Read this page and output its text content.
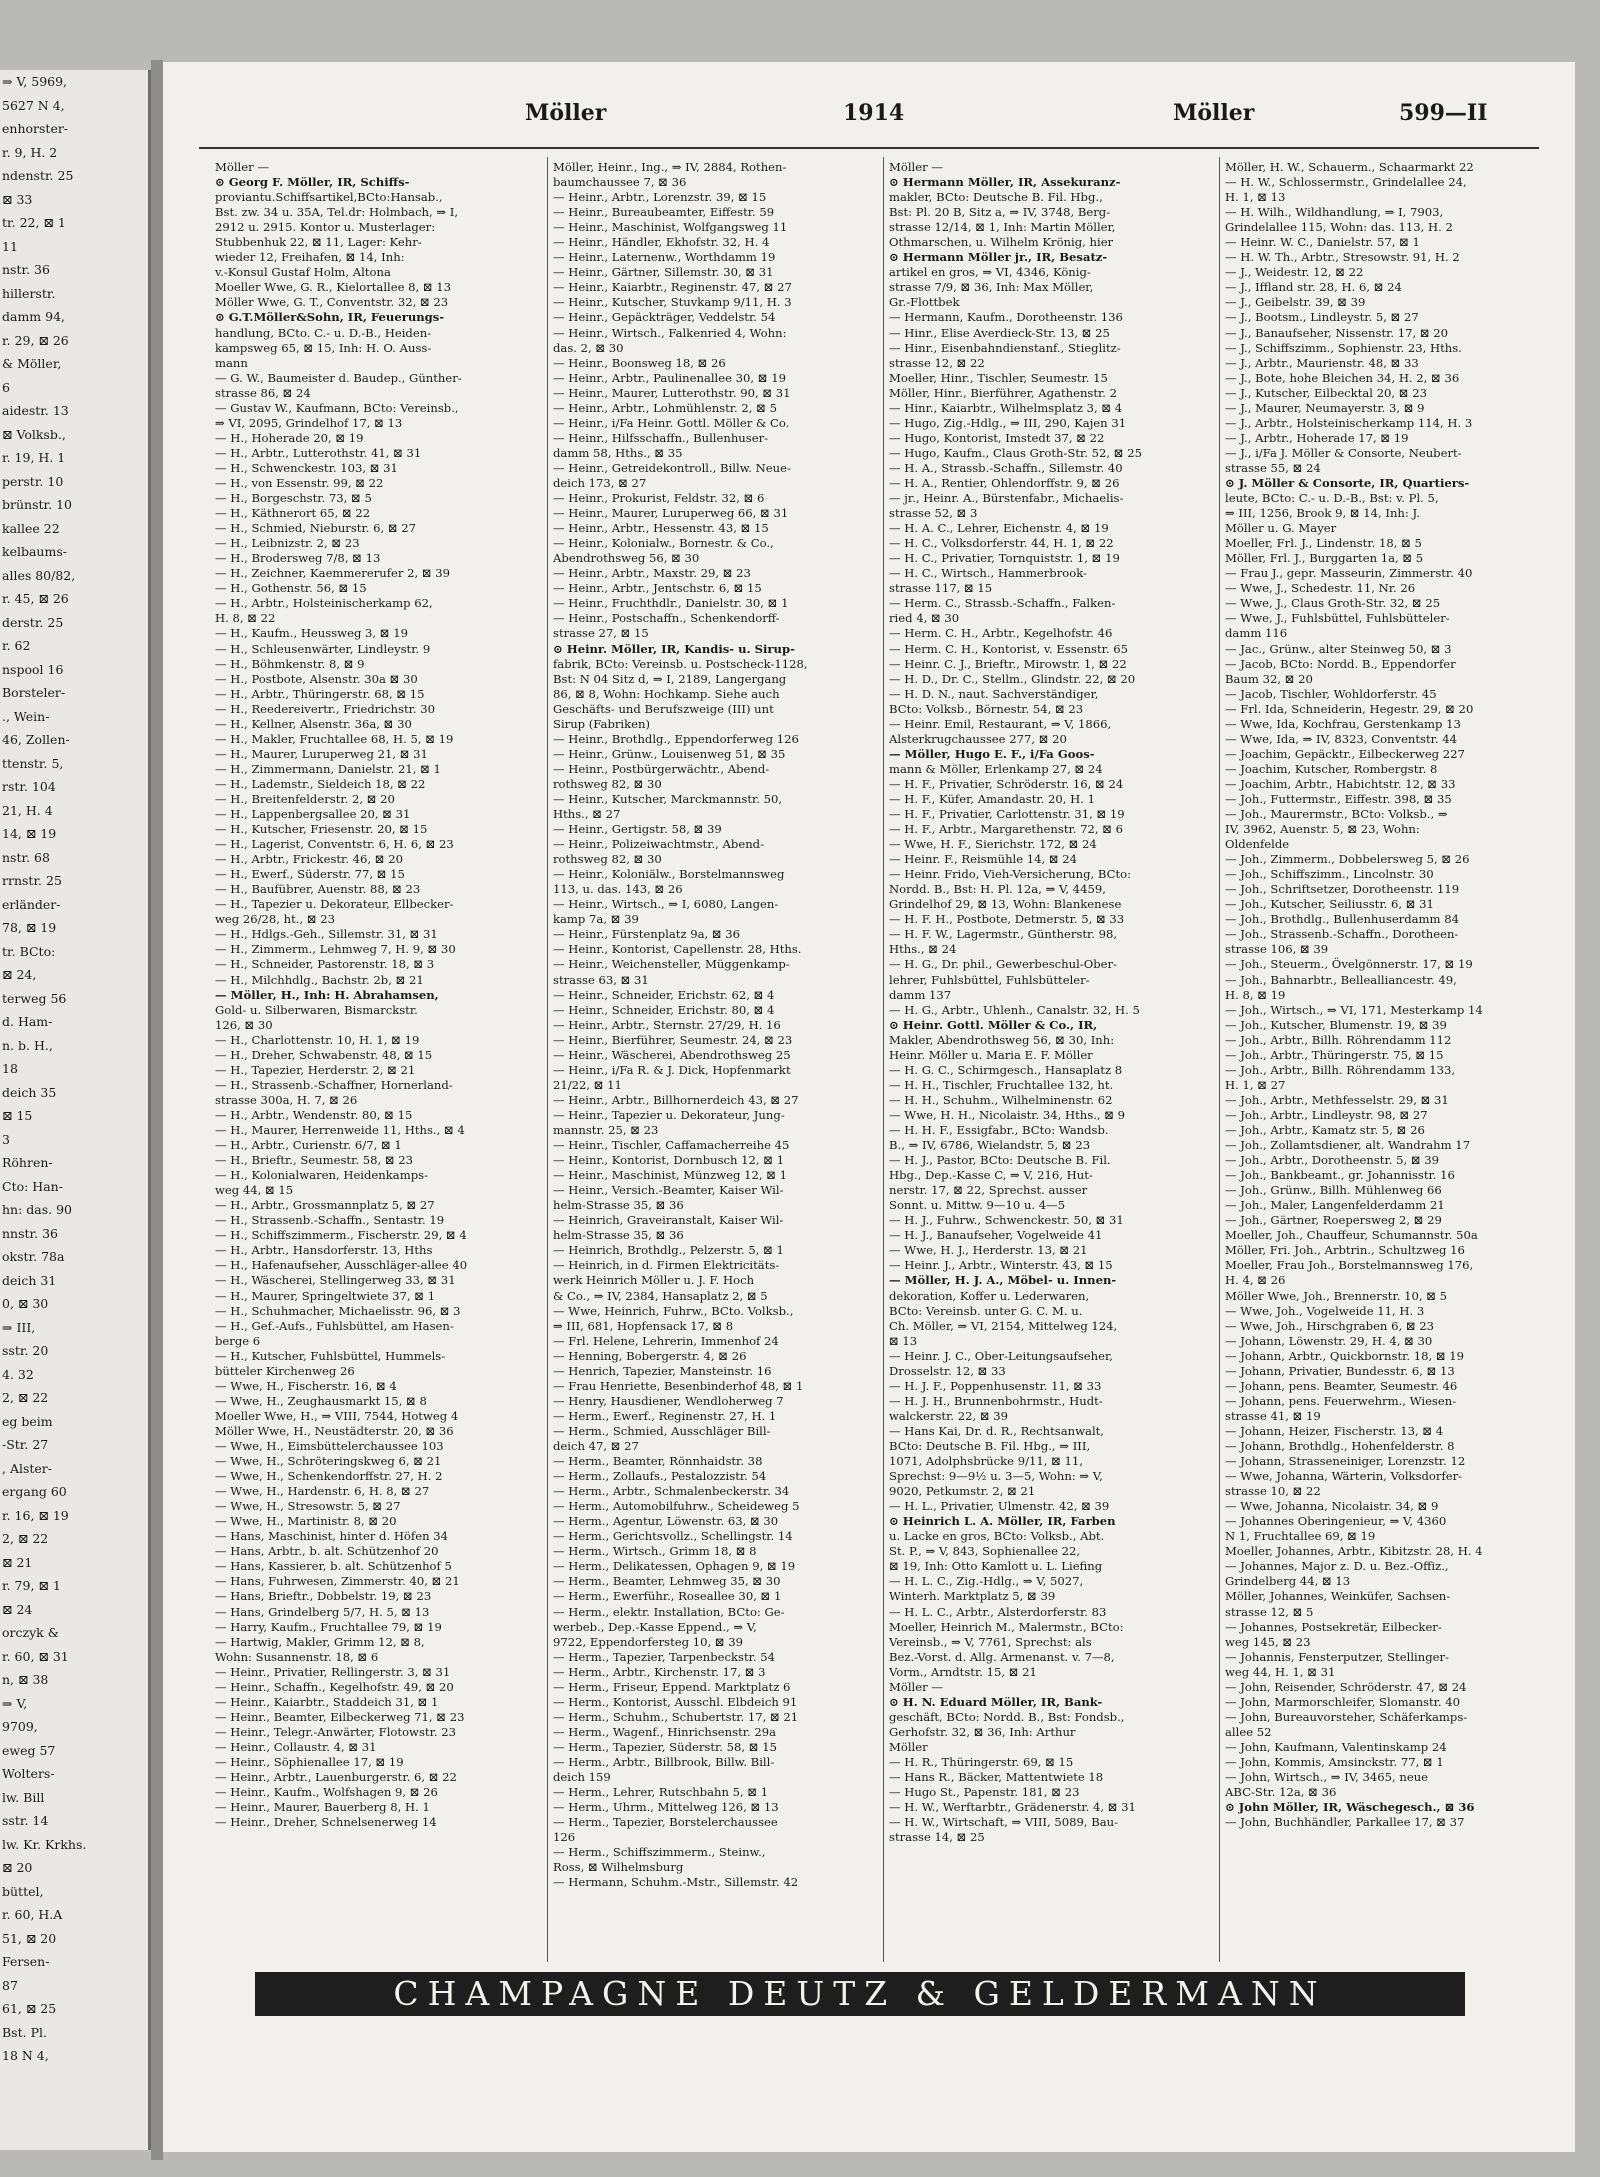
⇒ V, 5969,
5627 N 4,
enhorster-
r. 9, H. 2
ndenstr. 25
⊠ 33
tr. 22, ⊠ 1
11
nstr. 36
hillerstr.
damm 94,
r. 29, ⊠ 26
& Möller,
6
aidestr. 13
⊠ Volksb.,
r. 19, H. 1
perstr. 10
brünstr. 10
kallee 22
kelbaums-
alles 80/82,
r. 45, ⊠ 26
derstr. 25
r. 62
nspool 16
Borsteler-
., Wein-
46, Zollen-
ttenstr. 5,
rstr. 104
21, H. 4
14, ⊠ 19
nstr. 68
rrnstr. 25
erländer-
78, ⊠ 19
tr. BCto:
⊠ 24,
terweg 56
d. Ham-
n. b. H.,
18
deich 35
⊠ 15
3
Röhren-
Cto: Han-
hn: das. 90
nnstr. 36
okstr. 78a
deich 31
0, ⊠ 30
⇒ III,
sstr. 20
4. 32
2, ⊠ 22
eg beim
-Str. 27
, Alster-
ergang 60
r. 16, ⊠ 19
2, ⊠ 22
⊠ 21
r. 79, ⊠ 1
⊠ 24
orczyk &
r. 60, ⊠ 31
n, ⊠ 38
⇒ V,
9709,
eweg 57
Wolters-
lw. Bill
sstr. 14
lw. Kr. Krkhs.
⊠ 20
büttel,
r. 60, H.A
51, ⊠ 20
Fersen-
87
61, ⊠ 25
Bst. Pl.
18 N 4,
Möller	1914	Möller	599—II
Möller —
⊙ Georg F. Möller, IR, Schiffs-
proviantu.Schiffsartikel,BCto:Hansab.,
Bst. zw. 34 u. 35A, Tel.dr: Holmbach, ⇒ I,
2912 u. 2915. Kontor u. Musterlager:
Stubbenhuk 22, ⊠ 11, Lager: Kehr-
wieder 12, Freihafen, ⊠ 14, Inh:
v.-Konsul Gustaf Holm, Altona
Moeller Wwe, G. R., Kielortallee 8, ⊠ 13
Möller Wwe, G. T., Conventstr. 32, ⊠ 23
⊙ G.T.Möller&Sohn, IR, Feuerungs-
handlung, BCto. C.- u. D.-B., Heiden-
kampsweg 65, ⊠ 15, Inh: H. O. Auss-
mann
— G. W., Baumeister d. Baudep., Günther-
strasse 86, ⊠ 24
— Gustav W., Kaufmann, BCto: Vereinsb.,
⇒ VI, 2095, Grindelhof 17, ⊠ 13
— H., Hoherade 20, ⊠ 19
— H., Arbtr., Lutterothstr. 41, ⊠ 31
— H., Schwenckestr. 103, ⊠ 31
— H., von Essenstr. 99, ⊠ 22
— H., Borgeschstr. 73, ⊠ 5
— H., Käthnerort 65, ⊠ 22
— H., Schmied, Nieburstr. 6, ⊠ 27
— H., Leibnizstr. 2, ⊠ 23
— H., Brodersweg 7/8, ⊠ 13
— H., Zeichner, Kaemmererufer 2, ⊠ 39
— H., Gothenstr. 56, ⊠ 15
— H., Arbtr., Holsteinischerkamp 62,
H. 8, ⊠ 22
— H., Kaufm., Heussweg 3, ⊠ 19
— H., Schleusenwärter, Lindleystr. 9
— H., Böhmkenstr. 8, ⊠ 9
— H., Postbote, Alsenstr. 30a ⊠ 30
— H., Arbtr., Thüringerstr. 68, ⊠ 15
— H., Reedereivertr., Friedrichstr. 30
— H., Kellner, Alsenstr. 36a, ⊠ 30
— H., Makler, Fruchtallee 68, H. 5, ⊠ 19
— H., Maurer, Luruperweg 21, ⊠ 31
— H., Zimmermann, Danielstr. 21, ⊠ 1
— H., Lademstr., Sieldeich 18, ⊠ 22
— H., Breitenfelderstr. 2, ⊠ 20
— H., Lappenbergsallee 20, ⊠ 31
— H., Kutscher, Friesenstr. 20, ⊠ 15
— H., Lagerist, Conventstr. 6, H. 6, ⊠ 23
— H., Arbtr., Frickestr. 46, ⊠ 20
— H., Ewerf., Süderstr. 77, ⊠ 15
— H., Baufübrer, Auenstr. 88, ⊠ 23
— H., Tapezier u. Dekorateur, Ellbecker-
weg 26/28, ht., ⊠ 23
— H., Hdlgs.-Geh., Sillemstr. 31, ⊠ 31
— H., Zimmerm., Lehmweg 7, H. 9, ⊠ 30
— H., Schneider, Pastorenstr. 18, ⊠ 3
— H., Milchhdlg., Bachstr. 2b, ⊠ 21
— Möller, H., Inh: H. Abrahamsen,
Gold- u. Silberwaren, Bismarckstr.
126, ⊠ 30
— H., Charlottenstr. 10, H. 1, ⊠ 19
— H., Dreher, Schwabenstr. 48, ⊠ 15
— H., Tapezier, Herderstr. 2, ⊠ 21
— H., Strassenb.-Schaffner, Hornerland-
strasse 300a, H. 7, ⊠ 26
— H., Arbtr., Wendenstr. 80, ⊠ 15
— H., Maurer, Herrenweide 11, Hths., ⊠ 4
— H., Arbtr., Curienstr. 6/7, ⊠ 1
— H., Brieftr., Seumestr. 58, ⊠ 23
— H., Kolonialwaren, Heidenkamps-
weg 44, ⊠ 15
— H., Arbtr., Grossmannplatz 5, ⊠ 27
— H., Strassenb.-Schaffn., Sentastr. 19
— H., Schiffszimmerm., Fischerstr. 29, ⊠ 4
— H., Arbtr., Hansdorferstr. 13, Hths
— H., Hafenaufseher, Ausschläger-allee 40
— H., Wäscherei, Stellingerweg 33, ⊠ 31
— H., Maurer, Springeltwiete 37, ⊠ 1
— H., Schuhmacher, Michaelisstr. 96, ⊠ 3
— H., Gef.-Aufs., Fuhlsbüttel, am Hasen-
berge 6
— H., Kutscher, Fuhlsbüttel, Hummels-
bütteler Kirchenweg 26
— Wwe, H., Fischerstr. 16, ⊠ 4
— Wwe, H., Zeughausmarkt 15, ⊠ 8
Moeller Wwe, H., ⇒ VIII, 7544, Hotweg 4
Möller Wwe, H., Neustädterstr. 20, ⊠ 36
— Wwe, H., Eimsbüttelerchaussee 103
— Wwe, H., Schröteringskweg 6, ⊠ 21
— Wwe, H., Schenkendorffstr. 27, H. 2
— Wwe, H., Hardenstr. 6, H. 8, ⊠ 27
— Wwe, H., Stresowstr. 5, ⊠ 27
— Wwe, H., Martinistr. 8, ⊠ 20
— Hans, Maschinist, hinter d. Höfen 34
— Hans, Arbtr., b. alt. Schützenhof 20
— Hans, Kassierer, b. alt. Schützenhof 5
— Hans, Fuhrwesen, Zimmerstr. 40, ⊠ 21
— Hans, Brieftr., Dobbelstr. 19, ⊠ 23
— Hans, Grindelberg 5/7, H. 5, ⊠ 13
— Harry, Kaufm., Fruchtallee 79, ⊠ 19
— Hartwig, Makler, Grimm 12, ⊠ 8,
Wohn: Susannenstr. 18, ⊠ 6
— Heinr., Privatier, Rellingerstr. 3, ⊠ 31
— Heinr., Schaffn., Kegelhofstr. 49, ⊠ 20
— Heinr., Kaiarbtr., Staddeich 31, ⊠ 1
— Heinr., Beamter, Eilbeckerweg 71, ⊠ 23
— Heinr., Telegr.-Anwärter, Flotowstr. 23
— Heinr., Collaustr. 4, ⊠ 31
— Heinr., Söphienallee 17, ⊠ 19
— Heinr., Arbtr., Lauenburgerstr. 6, ⊠ 22
— Heinr., Kaufm., Wolfshagen 9, ⊠ 26
— Heinr., Maurer, Bauerberg 8, H. 1
— Heinr., Dreher, Schnelsenerweg 14
Möller, Heinr., Ing., ⇒ IV, 2884, Rothen-
baumchaussee 7, ⊠ 36
— Heinr., Arbtr., Lorenzstr. 39, ⊠ 15
— Heinr., Bureaubeamter, Eiffestr. 59
— Heinr., Maschinist, Wolfgangsweg 11
— Heinr., Händler, Ekhofstr. 32, H. 4
— Heinr., Laternenw., Worthdamm 19
— Heinr., Gärtner, Sillemstr. 30, ⊠ 31
— Heinr., Kaiarbtr., Reginenstr. 47, ⊠ 27
— Heinr., Kutscher, Stuvkamp 9/11, H. 3
— Heinr., Gepäckträger, Veddelstr. 54
— Heinr., Wirtsch., Falkenried 4, Wohn:
das. 2, ⊠ 30
— Heinr., Boonsweg 18, ⊠ 26
— Heinr., Arbtr., Paulinenallee 30, ⊠ 19
— Heinr., Maurer, Lutterothstr. 90, ⊠ 31
— Heinr., Arbtr., Lohmühlenstr. 2, ⊠ 5
— Heinr., i/Fa Heinr. Gottl. Möller & Co.
— Heinr., Hilfsschaffn., Bullenhuser-
damm 58, Hths., ⊠ 35
— Heinr., Getreidekontroll., Billw. Neue-
deich 173, ⊠ 27
— Heinr., Prokurist, Feldstr. 32, ⊠ 6
— Heinr., Maurer, Luruperweg 66, ⊠ 31
— Heinr., Arbtr., Hessenstr. 43, ⊠ 15
— Heinr., Kolonialw., Bornestr. & Co.,
Abendrothsweg 56, ⊠ 30
— Heinr., Arbtr., Maxstr. 29, ⊠ 23
— Heinr., Arbtr., Jentschstr. 6, ⊠ 15
— Heinr., Fruchthdlr., Danielstr. 30, ⊠ 1
— Heinr., Postschaffn., Schenkendorff-
strasse 27, ⊠ 15
⊙ Heinr. Möller, IR, Kandis- u. Sirup-
fabrik, BCto: Vereinsb. u. Postscheck-1128,
Bst: N 04 Sitz d, ⇒ I, 2189, Langergang
86, ⊠ 8, Wohn: Hochkamp. Siehe auch
Geschäfts- und Berufszweige (III) unt
Sirup (Fabriken)
— Heinr., Brothdlg., Eppendorferweg 126
— Heinr., Grünw., Louisenweg 51, ⊠ 35
— Heinr., Postbürgerwächtr., Abend-
rothsweg 82, ⊠ 30
— Heinr., Kutscher, Marckmannstr. 50,
Hths., ⊠ 27
— Heinr., Gertigstr. 58, ⊠ 39
— Heinr., Polizeiwachtmstr., Abend-
rothsweg 82, ⊠ 30
— Heinr., Koloniälw., Borstelmannsweg
113, u. das. 143, ⊠ 26
— Heinr., Wirtsch., ⇒ I, 6080, Langen-
kamp 7a, ⊠ 39
— Heinr., Fürstenplatz 9a, ⊠ 36
— Heinr., Kontorist, Capellenstr. 28, Hths.
— Heinr., Weichensteller, Müggenkamp-
strasse 63, ⊠ 31
— Heinr., Schneider, Erichstr. 62, ⊠ 4
— Heinr., Schneider, Erichstr. 80, ⊠ 4
— Heinr., Arbtr., Sternstr. 27/29, H. 16
— Heinr., Bierführer, Seumestr. 24, ⊠ 23
— Heinr., Wäscherei, Abendrothsweg 25
— Heinr., i/Fa R. & J. Dick, Hopfenmarkt
21/22, ⊠ 11
— Heinr., Arbtr., Billhornerdeich 43, ⊠ 27
— Heinr., Tapezier u. Dekorateur, Jung-
mannstr. 25, ⊠ 23
— Heinr., Tischler, Caffamacherreihe 45
— Heinr., Kontorist, Dornbusch 12, ⊠ 1
— Heinr., Maschinist, Münzweg 12, ⊠ 1
— Heinr., Versich.-Beamter, Kaiser Wil-
helm-Strasse 35, ⊠ 36
— Heinrich, Graveiranstalt, Kaiser Wil-
helm-Strasse 35, ⊠ 36
— Heinrich, Brothdlg., Pelzerstr. 5, ⊠ 1
— Heinrich, in d. Firmen Elektricitäts-
werk Heinrich Möller u. J. F. Hoch
& Co., ⇒ IV, 2384, Hansaplatz 2, ⊠ 5
— Wwe, Heinrich, Fuhrw., BCto. Volksb.,
⇒ III, 681, Hopfensack 17, ⊠ 8
— Frl. Helene, Lehrerin, Immenhof 24
— Henning, Bobergerstr. 4, ⊠ 26
— Henrich, Tapezier, Mansteinstr. 16
— Frau Henriette, Besenbinderhof 48, ⊠ 1
— Henry, Hausdiener, Wendloherweg 7
— Herm., Ewerf., Reginenstr. 27, H. 1
— Herm., Schmied, Ausschläger Bill-
deich 47, ⊠ 27
— Herm., Beamter, Rönnhaidstr. 38
— Herm., Zollaufs., Pestalozzistr. 54
— Herm., Arbtr., Schmalenbeckerstr. 34
— Herm., Automobilfuhrw., Scheideweg 5
— Herm., Agentur, Löwenstr. 63, ⊠ 30
— Herm., Gerichtsvollz., Schellingstr. 14
— Herm., Wirtsch., Grimm 18, ⊠ 8
— Herm., Delikatessen, Ophagen 9, ⊠ 19
— Herm., Beamter, Lehmweg 35, ⊠ 30
— Herm., Ewerführ., Roseallee 30, ⊠ 1
— Herm., elektr. Installation, BCto: Ge-
werbeb., Dep.-Kasse Eppend., ⇒ V,
9722, Eppendorfersteg 10, ⊠ 39
— Herm., Tapezier, Tarpenbeckstr. 54
— Herm., Arbtr., Kirchenstr. 17, ⊠ 3
— Herm., Friseur, Eppend. Marktplatz 6
— Herm., Kontorist, Ausschl. Elbdeich 91
— Herm., Schuhm., Schubertstr. 17, ⊠ 21
— Herm., Wagenf., Hinrichsenstr. 29a
— Herm., Tapezier, Süderstr. 58, ⊠ 15
— Herm., Arbtr., Billbrook, Billw. Bill-
deich 159
— Herm., Lehrer, Rutschbahn 5, ⊠ 1
— Herm., Uhrm., Mittelweg 126, ⊠ 13
— Herm., Tapezier, Borstelerchaussee
126
— Herm., Schiffszimmerm., Steinw.,
Ross, ⊠ Wilhelmsburg
— Hermann, Schuhm.-Mstr., Sillemstr. 42
Möller —
⊙ Hermann Möller, IR, Assekuranz-
makler, BCto: Deutsche B. Fil. Hbg.,
Bst: Pl. 20 B, Sitz a, ⇒ IV, 3748, Berg-
strasse 12/14, ⊠ 1, Inh: Martin Möller,
Othmarschen, u. Wilhelm Krönig, hier
⊙ Hermann Möller jr., IR, Besatz-
artikel en gros, ⇒ VI, 4346, König-
strasse 7/9, ⊠ 36, Inh: Max Möller,
Gr.-Flottbek
— Hermann, Kaufm., Dorotheenstr. 136
— Hinr., Elise Averdieck-Str. 13, ⊠ 25
— Hinr., Eisenbahndienstanf., Stieglitz-
strasse 12, ⊠ 22
Moeller, Hinr., Tischler, Seumestr. 15
Möller, Hinr., Bierführer, Agathenstr. 2
— Hinr., Kaiarbtr., Wilhelmsplatz 3, ⊠ 4
— Hugo, Zig.-Hdlg., ⇒ III, 290, Kajen 31
— Hugo, Kontorist, Imstedt 37, ⊠ 22
— Hugo, Kaufm., Claus Groth-Str. 52, ⊠ 25
— H. A., Strassb.-Schaffn., Sillemstr. 40
— H. A., Rentier, Ohlendorffstr. 9, ⊠ 26
— jr., Heinr. A., Bürstenfabr., Michaelis-
strasse 52, ⊠ 3
— H. A. C., Lehrer, Eichenstr. 4, ⊠ 19
— H. C., Volksdorferstr. 44, H. 1, ⊠ 22
— H. C., Privatier, Tornquiststr. 1, ⊠ 19
— H. C., Wirtsch., Hammerbrook-
strasse 117, ⊠ 15
— Herm. C., Strassb.-Schaffn., Falken-
ried 4, ⊠ 30
— Herm. C. H., Arbtr., Kegelhofstr. 46
— Herm. C. H., Kontorist, v. Essenstr. 65
— Heinr. C. J., Brieftr., Mirowstr. 1, ⊠ 22
— H. D., Dr. C., Stellm., Glindstr. 22, ⊠ 20
— H. D. N., naut. Sachverständiger,
BCto: Volksb., Börnestr. 54, ⊠ 23
— Heinr. Emil, Restaurant, ⇒ V, 1866,
Alsterkrugchaussee 277, ⊠ 20
— Möller, Hugo E. F., i/Fa Goos-
mann & Möller, Erlenkamp 27, ⊠ 24
— H. F., Privatier, Schröderstr. 16, ⊠ 24
— H. F., Küfer, Amandastr. 20, H. 1
— H. F., Privatier, Carlottenstr. 31, ⊠ 19
— H. F., Arbtr., Margarethenstr. 72, ⊠ 6
— Wwe, H. F., Sierichstr. 172, ⊠ 24
— Heinr. F., Reismühle 14, ⊠ 24
— Heinr. Frido, Vieh-Versicherung, BCto:
Nordd. B., Bst: H. Pl. 12a, ⇒ V, 4459,
Grindelhof 29, ⊠ 13, Wohn: Blankenese
— H. F. H., Postbote, Detmerstr. 5, ⊠ 33
— H. F. W., Lagermstr., Güntherstr. 98,
Hths., ⊠ 24
— H. G., Dr. phil., Gewerbeschul-Ober-
lehrer, Fuhlsbüttel, Fuhlsbütteler-
damm 137
— H. G., Arbtr., Uhlenh., Canalstr. 32, H. 5
⊙ Heinr. Gottl. Möller & Co., IR,
Makler, Abendrothsweg 56, ⊠ 30, Inh:
Heinr. Möller u. Maria E. F. Möller
— H. G. C., Schirmgesch., Hansaplatz 8
— H. H., Tischler, Fruchtallee 132, ht.
— H. H., Schuhm., Wilhelminenstr. 62
— Wwe, H. H., Nicolaistr. 34, Hths., ⊠ 9
— H. H. F., Essigfabr., BCto: Wandsb.
B., ⇒ IV, 6786, Wielandstr. 5, ⊠ 23
— H. J., Pastor, BCto: Deutsche B. Fil.
Hbg., Dep.-Kasse C, ⇒ V, 216, Hut-
nerstr. 17, ⊠ 22, Sprechst. ausser
Sonnt. u. Mittw. 9—10 u. 4—5
— H. J., Fuhrw., Schwenckestr. 50, ⊠ 31
— H. J., Banaufseher, Vogelweide 41
— Wwe, H. J., Herderstr. 13, ⊠ 21
— Heinr. J., Arbtr., Winterstr. 43, ⊠ 15
— Möller, H. J. A., Möbel- u. Innen-
dekoration, Koffer u. Lederwaren,
BCto: Vereinsb. unter G. C. M. u.
Ch. Möller, ⇒ VI, 2154, Mittelweg 124,
⊠ 13
— Heinr. J. C., Ober-Leitungsaufseher,
Drosselstr. 12, ⊠ 33
— H. J. F., Poppenhusenstr. 11, ⊠ 33
— H. J. H., Brunnenbohrmstr., Hudt-
walckerstr. 22, ⊠ 39
— Hans Kai, Dr. d. R., Rechtsanwalt,
BCto: Deutsche B. Fil. Hbg., ⇒ III,
1071, Adolphsbrücke 9/11, ⊠ 11,
Sprechst: 9—9½ u. 3—5, Wohn: ⇒ V,
9020, Petkumstr. 2, ⊠ 21
— H. L., Privatier, Ulmenstr. 42, ⊠ 39
⊙ Heinrich L. A. Möller, IR, Farben
u. Lacke en gros, BCto: Volksb., Abt.
St. P., ⇒ V, 843, Sophienallee 22,
⊠ 19, Inh: Otto Kamlott u. L. Liefing
— H. L. C., Zig.-Hdlg., ⇒ V, 5027,
Winterh. Marktplatz 5, ⊠ 39
— H. L. C., Arbtr., Alsterdorferstr. 83
Moeller, Heinrich M., Malermstr., BCto:
Vereinsb., ⇒ V, 7761, Sprechst: als
Bez.-Vorst. d. Allg. Armenanst. v. 7—8,
Vorm., Arndtstr. 15, ⊠ 21
Möller —
⊙ H. N. Eduard Möller, IR, Bank-
geschäft, BCto: Nordd. B., Bst: Fondsb.,
Gerhofstr. 32, ⊠ 36, Inh: Arthur
Möller
— H. R., Thüringerstr. 69, ⊠ 15
— Hans R., Bäcker, Mattentwiete 18
— Hugo St., Papenstr. 181, ⊠ 23
— H. W., Werftarbtr., Grädenerstr. 4, ⊠ 31
— H. W., Wirtschaft, ⇒ VIII, 5089, Bau-
strasse 14, ⊠ 25
Möller, H. W., Schauerm., Schaarmarkt 22
— H. W., Schlossermstr., Grindelallee 24,
H. 1, ⊠ 13
— H. Wilh., Wildhandlung, ⇒ I, 7903,
Grindelallee 115, Wohn: das. 113, H. 2
— Heinr. W. C., Danielstr. 57, ⊠ 1
— H. W. Th., Arbtr., Stresowstr. 91, H. 2
— J., Weidestr. 12, ⊠ 22
— J., Iffland str. 28, H. 6, ⊠ 24
— J., Geibelstr. 39, ⊠ 39
— J., Bootsm., Lindleystr. 5, ⊠ 27
— J., Banaufseher, Nissenstr. 17, ⊠ 20
— J., Schiffszimm., Sophienstr. 23, Hths.
— J., Arbtr., Maurienstr. 48, ⊠ 33
— J., Bote, hohe Bleichen 34, H. 2, ⊠ 36
— J., Kutscher, Eilbecktal 20, ⊠ 23
— J., Maurer, Neumayerstr. 3, ⊠ 9
— J., Arbtr., Holsteinischerkamp 114, H. 3
— J., Arbtr., Hoherade 17, ⊠ 19
— J., i/Fa J. Möller & Consorte, Neubert-
strasse 55, ⊠ 24
⊙ J. Möller & Consorte, IR, Quartiers-
leute, BCto: C.- u. D.-B., Bst: v. Pl. 5,
⇒ III, 1256, Brook 9, ⊠ 14, Inh: J.
Möller u. G. Mayer
Moeller, Frl. J., Lindenstr. 18, ⊠ 5
Möller, Frl. J., Burggarten 1a, ⊠ 5
— Frau J., gepr. Masseurin, Zimmerstr. 40
— Wwe, J., Schedestr. 11, Nr. 26
— Wwe, J., Claus Groth-Str. 32, ⊠ 25
— Wwe, J., Fuhlsbüttel, Fuhlsbütteler-
damm 116
— Jac., Grünw., alter Steinweg 50, ⊠ 3
— Jacob, BCto: Nordd. B., Eppendorfer
Baum 32, ⊠ 20
— Jacob, Tischler, Wohldorferstr. 45
— Frl. Ida, Schneiderin, Hegestr. 29, ⊠ 20
— Wwe, Ida, Kochfrau, Gerstenkamp 13
— Wwe, Ida, ⇒ IV, 8323, Conventstr. 44
— Joachim, Gepäcktr., Eilbeckerweg 227
— Joachim, Kutscher, Rombergstr. 8
— Joachim, Arbtr., Habichtstr. 12, ⊠ 33
— Joh., Futtermstr., Eiffestr. 398, ⊠ 35
— Joh., Maurermstr., BCto: Volksb., ⇒
IV, 3962, Auenstr. 5, ⊠ 23, Wohn:
Oldenfelde
— Joh., Zimmerm., Dobbelersweg 5, ⊠ 26
— Joh., Schiffszimm., Lincolnstr. 30
— Joh., Schriftsetzer, Dorotheenstr. 119
— Joh., Kutscher, Seiliusstr. 6, ⊠ 31
— Joh., Brothdlg., Bullenhuserdamm 84
— Joh., Strassenb.-Schaffn., Dorotheen-
strasse 106, ⊠ 39
— Joh., Steuerm., Övelgönnerstr. 17, ⊠ 19
— Joh., Bahnarbtr., Bellealliancestr. 49,
H. 8, ⊠ 19
— Joh., Wirtsch., ⇒ VI, 171, Mesterkamp 14
— Joh., Kutscher, Blumenstr. 19, ⊠ 39
— Joh., Arbtr., Billh. Röhrendamm 112
— Joh., Arbtr., Thüringerstr. 75, ⊠ 15
— Joh., Arbtr., Billh. Röhrendamm 133,
H. 1, ⊠ 27
— Joh., Arbtr., Methfesselstr. 29, ⊠ 31
— Joh., Arbtr., Lindleystr. 98, ⊠ 27
— Joh., Arbtr., Kamatz str. 5, ⊠ 26
— Joh., Zollamtsdiener, alt. Wandrahm 17
— Joh., Arbtr., Dorotheenstr. 5, ⊠ 39
— Joh., Bankbeamt., gr. Johannisstr. 16
— Joh., Grünw., Billh. Mühlenweg 66
— Joh., Maler, Langenfelderdamm 21
— Joh., Gärtner, Roepersweg 2, ⊠ 29
Moeller, Joh., Chauffeur, Schumannstr. 50a
Möller, Fri. Joh., Arbtrin., Schultzweg 16
Moeller, Frau Joh., Borstelmannsweg 176,
H. 4, ⊠ 26
Möller Wwe, Joh., Brennerstr. 10, ⊠ 5
— Wwe, Joh., Vogelweide 11, H. 3
— Wwe, Joh., Hirschgraben 6, ⊠ 23
— Johann, Löwenstr. 29, H. 4, ⊠ 30
— Johann, Arbtr., Quickbornstr. 18, ⊠ 19
— Johann, Privatier, Bundesstr. 6, ⊠ 13
— Johann, pens. Beamter, Seumestr. 46
— Johann, pens. Feuerwehrm., Wiesen-
strasse 41, ⊠ 19
— Johann, Heizer, Fischerstr. 13, ⊠ 4
— Johann, Brothdlg., Hohenfelderstr. 8
— Johann, Strasseneiniger, Lorenzstr. 12
— Wwe, Johanna, Wärterin, Volksdorfer-
strasse 10, ⊠ 22
— Wwe, Johanna, Nicolaistr. 34, ⊠ 9
— Johannes Oberingenieur, ⇒ V, 4360
N 1, Fruchtallee 69, ⊠ 19
Moeller, Johannes, Arbtr., Kibitzstr. 28, H. 4
— Johannes, Major z. D. u. Bez.-Offiz.,
Grindelberg 44, ⊠ 13
Möller, Johannes, Weinküfer, Sachsen-
strasse 12, ⊠ 5
— Johannes, Postsekretär, Eilbecker-
weg 145, ⊠ 23
— Johannis, Fensterputzer, Stellinger-
weg 44, H. 1, ⊠ 31
— John, Reisender, Schröderstr. 47, ⊠ 24
— John, Marmorschleifer, Slomanstr. 40
— John, Bureauvorsteher, Schäferkamps-
allee 52
— John, Kaufmann, Valentinskamp 24
— John, Kommis, Amsinckstr. 77, ⊠ 1
— John, Wirtsch., ⇒ IV, 3465, neue
ABC-Str. 12a, ⊠ 36
⊙ John Möller, IR, Wäschegesch., ⊠ 36
— John, Buchhändler, Parkallee 17, ⊠ 37
CHAMPAGNE DEUTZ & GELDERMANN
